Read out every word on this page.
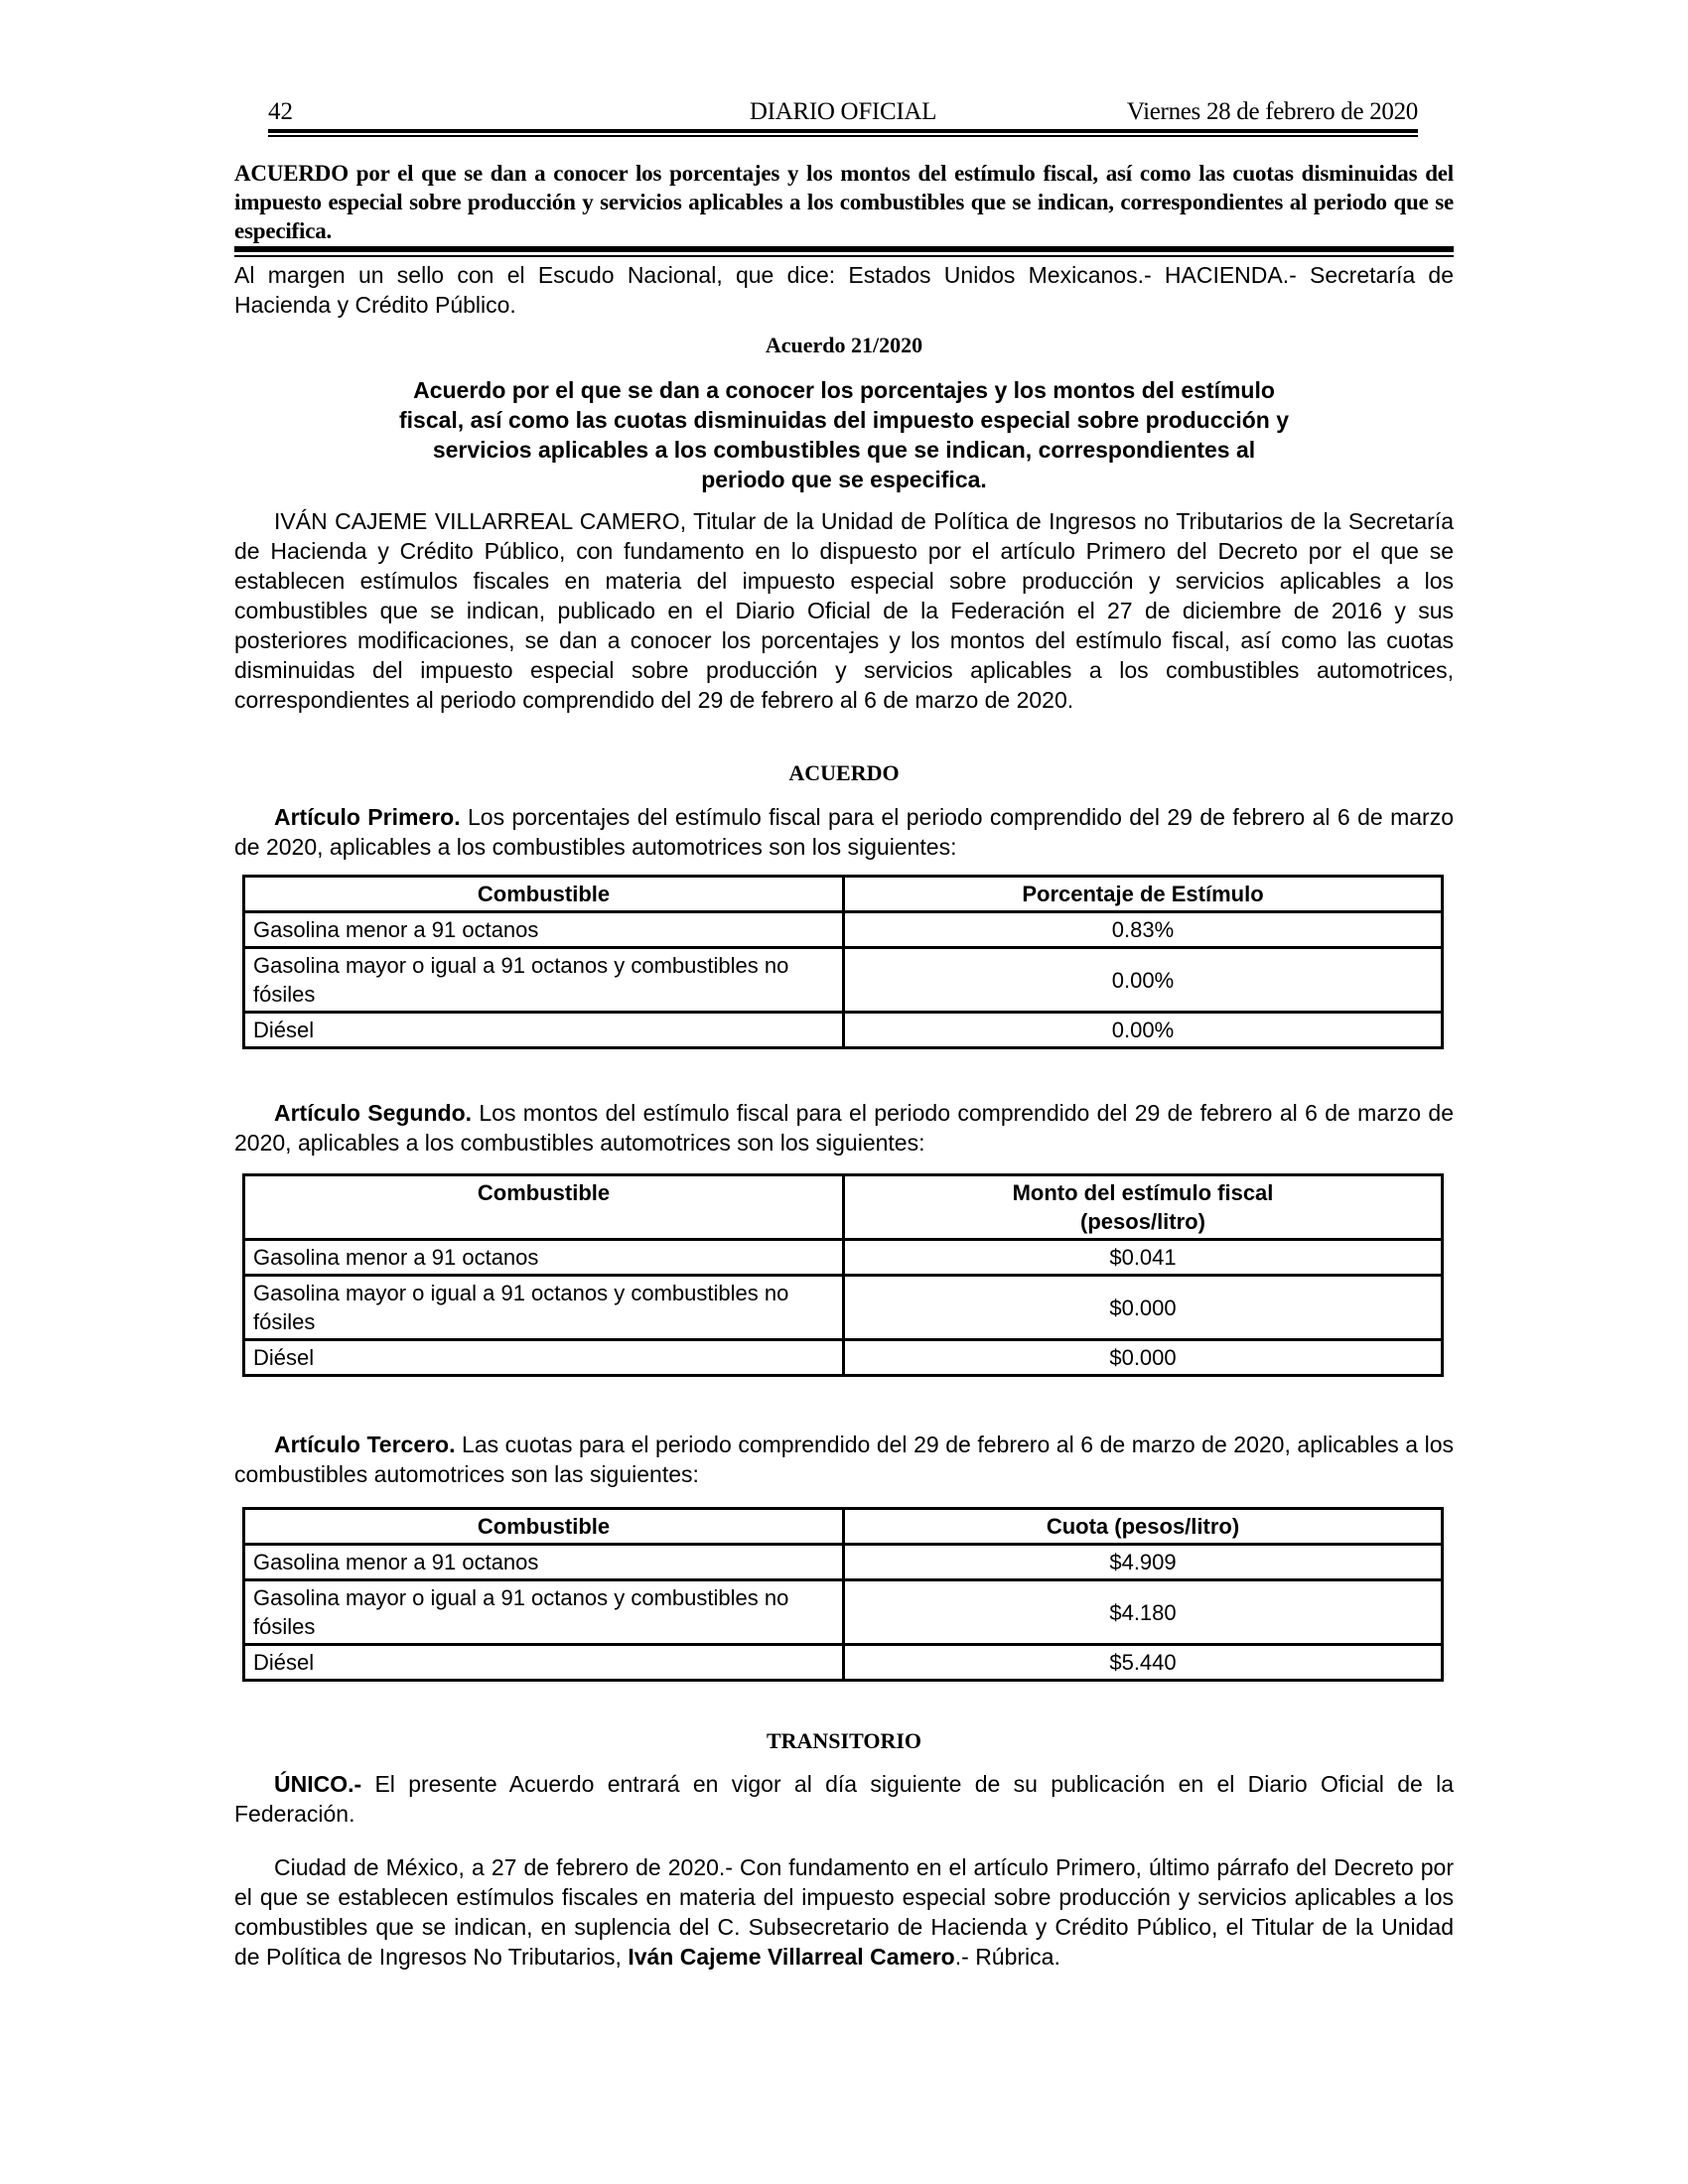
42	DIARIO OFICIAL	Viernes 28 de febrero de 2020
ACUERDO por el que se dan a conocer los porcentajes y los montos del estímulo fiscal, así como las cuotas disminuidas del impuesto especial sobre producción y servicios aplicables a los combustibles que se indican, correspondientes al periodo que se especifica.

Al margen un sello con el Escudo Nacional, que dice: Estados Unidos Mexicanos.- HACIENDA.- Secretaría de Hacienda y Crédito Público.

Acuerdo 21/2020
Acuerdo por el que se dan a conocer los porcentajes y los montos del estímulo fiscal, así como las cuotas disminuidas del impuesto especial sobre producción y servicios aplicables a los combustibles que se indican, correspondientes al periodo que se especifica.

IVÁN CAJEME VILLARREAL CAMERO, Titular de la Unidad de Política de Ingresos no Tributarios de la Secretaría de Hacienda y Crédito Público, con fundamento en lo dispuesto por el artículo Primero del Decreto por el que se establecen estímulos fiscales en materia del impuesto especial sobre producción y servicios aplicables a los combustibles que se indican, publicado en el Diario Oficial de la Federación el 27 de diciembre de 2016 y sus posteriores modificaciones, se dan a conocer los porcentajes y los montos del estímulo fiscal, así como las cuotas disminuidas del impuesto especial sobre producción y servicios aplicables a los combustibles automotrices, correspondientes al periodo comprendido del 29 de febrero al 6 de marzo de 2020.

ACUERDO

Artículo Primero. Los porcentajes del estímulo fiscal para el periodo comprendido del 29 de febrero al 6 de marzo de 2020, aplicables a los combustibles automotrices son los siguientes:

Combustible	Porcentaje de Estímulo
Gasolina menor a 91 octanos	0.83%
Gasolina mayor o igual a 91 octanos y combustibles no fósiles	0.00%
Diésel	0.00%

Artículo Segundo. Los montos del estímulo fiscal para el periodo comprendido del 29 de febrero al 6 de marzo de 2020, aplicables a los combustibles automotrices son los siguientes:

Combustible	Monto del estímulo fiscal (pesos/litro)
Gasolina menor a 91 octanos	$0.041
Gasolina mayor o igual a 91 octanos y combustibles no fósiles	$0.000
Diésel	$0.000

Artículo Tercero. Las cuotas para el periodo comprendido del 29 de febrero al 6 de marzo de 2020, aplicables a los combustibles automotrices son las siguientes:

Combustible	Cuota (pesos/litro)
Gasolina menor a 91 octanos	$4.909
Gasolina mayor o igual a 91 octanos y combustibles no fósiles	$4.180
Diésel	$5.440
TRANSITORIO

ÚNICO.- El presente Acuerdo entrará en vigor al día siguiente de su publicación en el Diario Oficial de la Federación.

Ciudad de México, a 27 de febrero de 2020.- Con fundamento en el artículo Primero, último párrafo del Decreto por el que se establecen estímulos fiscales en materia del impuesto especial sobre producción y servicios aplicables a los combustibles que se indican, en suplencia del C. Subsecretario de Hacienda y Crédito Público, el Titular de la Unidad de Política de Ingresos No Tributarios, Iván Cajeme Villarreal Camero.- Rúbrica.
